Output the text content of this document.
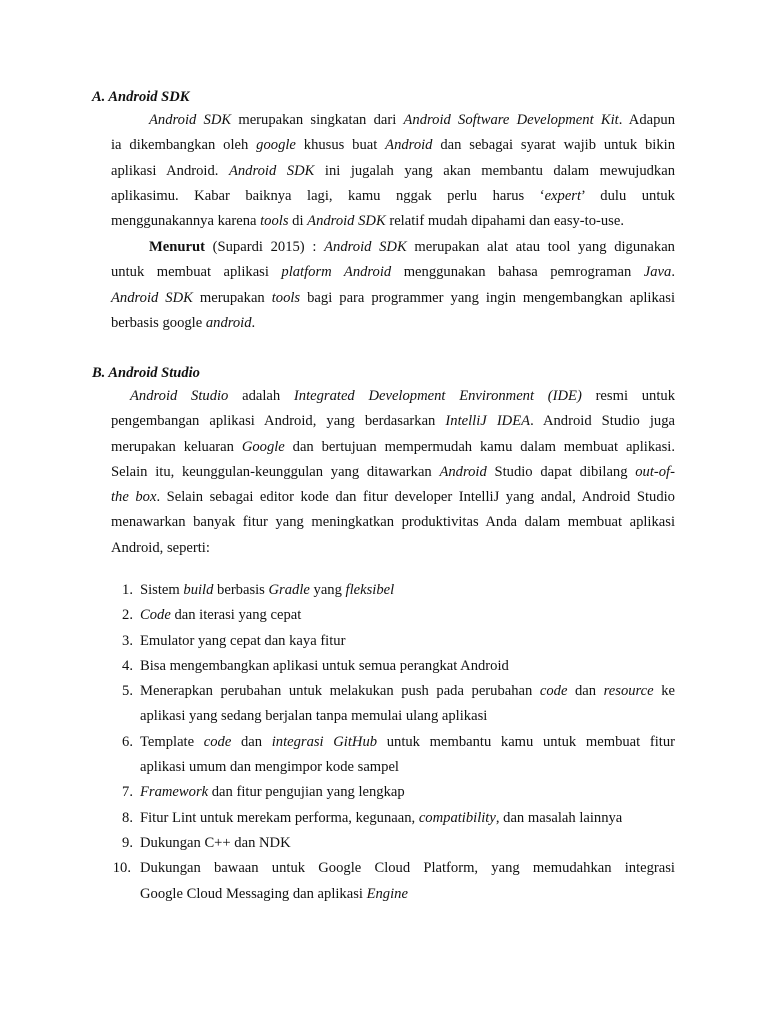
A. Android SDK
Android SDK merupakan singkatan dari Android Software Development Kit. Adapun
ia dikembangkan oleh google khusus buat Android dan sebagai syarat wajib untuk bikin
aplikasi Android. Android SDK ini jugalah yang akan membantu dalam mewujudkan
aplikasimu. Kabar baiknya lagi, kamu nggak perlu harus ‘expert’ dulu untuk
menggunakannya karena tools di Android SDK relatif mudah dipahami dan easy-to-use.
Menurut (Supardi 2015) : Android SDK merupakan alat atau tool yang digunakan
untuk membuat aplikasi platform Android menggunakan bahasa pemrograman Java.
Android SDK merupakan tools bagi para programmer yang ingin mengembangkan aplikasi
berbasis google android.
B. Android Studio
Android Studio adalah Integrated Development Environment (IDE) resmi untuk
pengembangan aplikasi Android, yang berdasarkan IntelliJ IDEA. Android Studio juga
merupakan keluaran Google dan bertujuan mempermudah kamu dalam membuat aplikasi.
Selain itu, keunggulan-keunggulan yang ditawarkan Android Studio dapat dibilang out-of-
the box. Selain sebagai editor kode dan fitur developer IntelliJ yang andal, Android Studio
menawarkan banyak fitur yang meningkatkan produktivitas Anda dalam membuat aplikasi
Android, seperti:
1. Sistem build berbasis Gradle yang fleksibel
2. Code dan iterasi yang cepat
3. Emulator yang cepat dan kaya fitur
4. Bisa mengembangkan aplikasi untuk semua perangkat Android
5. Menerapkan perubahan untuk melakukan push pada perubahan code dan resource ke
aplikasi yang sedang berjalan tanpa memulai ulang aplikasi
6. Template code dan integrasi GitHub untuk membantu kamu untuk membuat fitur
aplikasi umum dan mengimpor kode sampel
7. Framework dan fitur pengujian yang lengkap
8. Fitur Lint untuk merekam performa, kegunaan, compatibility, dan masalah lainnya
9. Dukungan C++ dan NDK
10. Dukungan bawaan untuk Google Cloud Platform, yang memudahkan integrasi
Google Cloud Messaging dan aplikasi Engine
